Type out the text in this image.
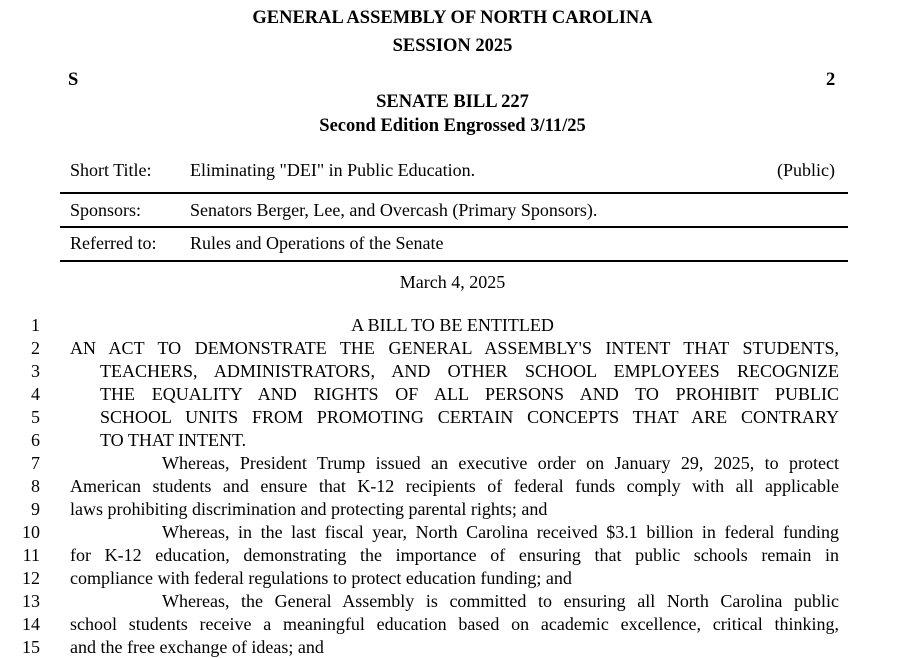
GENERAL ASSEMBLY OF NORTH CAROLINA
SESSION 2025
S	2
SENATE BILL 227
Second Edition Engrossed 3/11/25
Short Title: Eliminating "DEI" in Public Education.	(Public)
Sponsors:	Senators Berger, Lee, and Overcash (Primary Sponsors).
Referred to: Rules and Operations of the Senate
March 4, 2025
1	A BILL TO BE ENTITLED
2 AN ACT TO DEMONSTRATE THE GENERAL ASSEMBLY'S INTENT THAT STUDENTS,
3	TEACHERS, ADMINISTRATORS, AND OTHER SCHOOL EMPLOYEES RECOGNIZE
4	THE EQUALITY AND RIGHTS OF ALL PERSONS AND TO PROHIBIT PUBLIC
5	SCHOOL UNITS FROM PROMOTING CERTAIN CONCEPTS THAT ARE CONTRARY
6	TO THAT INTENT.
7	Whereas, President Trump issued an executive order on January 29, 2025, to protect
8 American students and ensure that K-12 recipients of federal funds comply with all applicable
9 laws prohibiting discrimination and protecting parental rights; and
10	Whereas, in the last fiscal year, North Carolina received $3.1 billion in federal funding
11 for K-12 education, demonstrating the importance of ensuring that public schools remain in
12 compliance with federal regulations to protect education funding; and
13	Whereas, the General Assembly is committed to ensuring all North Carolina public
14 school students receive a meaningful education based on academic excellence, critical thinking,
15 and the free exchange of ideas; and
